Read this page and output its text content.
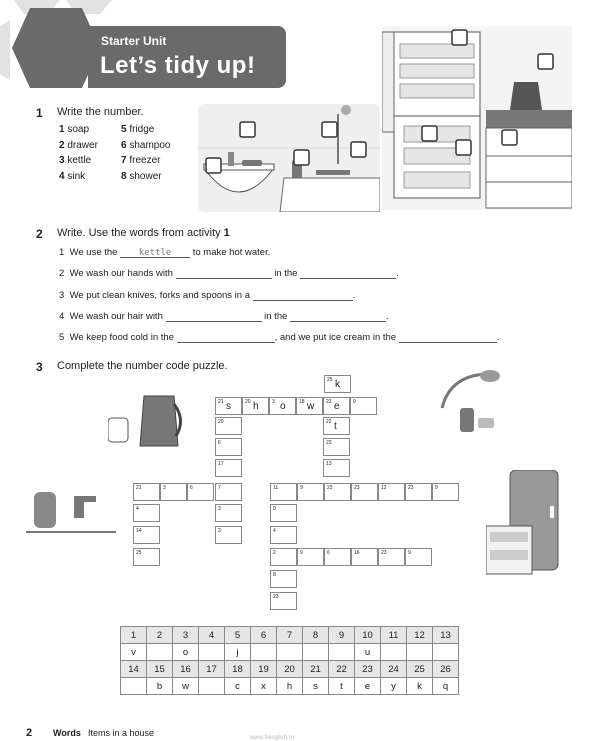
Starter Unit
Let’s tidy up!
1 Write the number.
1 soap
2 drawer
3 kettle
4 sink
5 fridge
6 shampoo
7 freezer
8 shower
2 Write. Use the words from activity 1
1 We use the kettle to make hot water.
2 We wash our hands with	in the	.
3 We put clean knives, forks and spoons in a	.
4 We wash our hair with	in the	.
5 We keep food cold in the	, and we put ice cream in the	.
3 Complete the number code puzzle.
25 k
21 s	20 h	3 o	18 w 23 e	9
20	22 t
6	22
17	13
21	3	6	7	11	9	23	23	12	23	9
4	3	9
14	3	4
25	2	9	6	16	23	9
8
23
1	2	3	4	5	6	7	8	9	10	11	12	13
v		o		j					u			
14	15	16	17	18	19	20	21	22	23	24	25	26
	b	w		c	x	h	s	t	e	y	k	q
2 Words Items in a house	www.frenglish.ru
